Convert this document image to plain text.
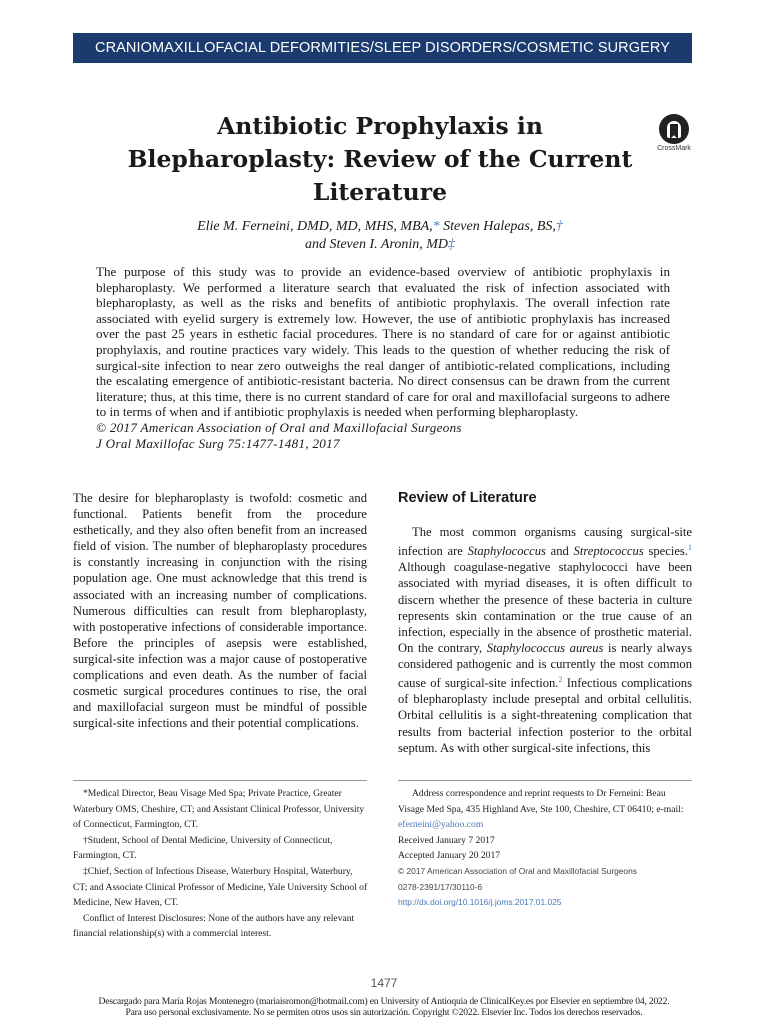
CRANIOMAXILLOFACIAL DEFORMITIES/SLEEP DISORDERS/COSMETIC SURGERY
Antibiotic Prophylaxis in
Blepharoplasty: Review of the Current
Literature
CrossMark
Elie M. Ferneini, DMD, MD, MHS, MBA,* Steven Halepas, BS,†
and Steven I. Aronin, MD‡

The purpose of this study was to provide an evidence-based overview of antibiotic prophylaxis in blepharoplasty. We performed a literature search that evaluated the risk of infection associated with blepharoplasty, as well as the risks and benefits of antibiotic prophylaxis. The overall infection rate associated with eyelid surgery is extremely low. However, the use of antibiotic prophylaxis has increased over the past 25 years in esthetic facial procedures. There is no standard of care for or against antibiotic prophylaxis, and routine practices vary widely. This leads to the question of whether reducing the risk of surgical-site infection to near zero outweighs the real danger of antibiotic-related complications, including the escalating emergence of antibiotic-resistant bacteria. No direct consensus can be drawn from the current literature; thus, at this time, there is no current standard of care for oral and maxillofacial surgeons to adhere to in terms of when and if antibiotic prophylaxis is needed when performing blepharoplasty.

© 2017 American Association of Oral and Maxillofacial Surgeons

J Oral Maxillofac Surg 75:1477-1481, 2017

The desire for blepharoplasty is twofold: cosmetic and functional. Patients benefit from the procedure esthetically, and they also often benefit from an increased field of vision. The number of blepharoplasty procedures is constantly increasing in conjunction with the rising population age. One must acknowledge that this trend is associated with an increasing number of complications. Numerous difficulties can result from blepharoplasty, with postoperative infections of considerable importance. Before the principles of asepsis were established, surgical-site infection was a major cause of postoperative complications and even death. As the number of facial cosmetic surgical procedures continues to rise, the oral and maxillofacial surgeon must be mindful of possible surgical-site infections and their potential complications.

Review of Literature

The most common organisms causing surgical-site infection are Staphylococcus and Streptococcus species.$^1$ Although coagulase-negative staphylococci have been associated with myriad diseases, it is often difficult to discern whether the presence of these bacteria in culture represents skin contamination or the true cause of an infection, especially in the absence of prosthetic material. On the contrary, Staphylococcus aureus is nearly always considered pathogenic and is currently the most common cause of surgical-site infection.$^2$ Infectious complications of blepharoplasty include preseptal and orbital cellulitis. Orbital cellulitis is a sight-threatening complication that results from bacterial infection posterior to the orbital septum. As with other surgical-site infections, this

*Medical Director, Beau Visage Med Spa; Private Practice, Greater Waterbury OMS, Cheshire, CT; and Assistant Clinical Professor, University of Connecticut, Farmington, CT.

†Student, School of Dental Medicine, University of Connecticut, Farmington, CT.

‡Chief, Section of Infectious Disease, Waterbury Hospital, Waterbury, CT; and Associate Clinical Professor of Medicine, Yale University School of Medicine, New Haven, CT.

Conflict of Interest Disclosures: None of the authors have any relevant financial relationship(s) with a commercial interest.

Address correspondence and reprint requests to Dr Ferneini: Beau Visage Med Spa, 435 Highland Ave, Ste 100, Cheshire, CT 06410; e-mail: eferneini@yahoo.com

Received January 7 2017

Accepted January 20 2017

© 2017 American Association of Oral and Maxillofacial Surgeons

0278-2391/17/30110-6

http://dx.doi.org/10.1016/j.joms.2017.01.025

1477
Descargado para María Rojas Montenegro (mariaisromon@hotmail.com) en University of Antioquia de ClinicalKey.es por Elsevier en septiembre 04, 2022. Para uso personal exclusivamente. No se permiten otros usos sin autorización. Copyright ©2022. Elsevier Inc. Todos los derechos reservados.
